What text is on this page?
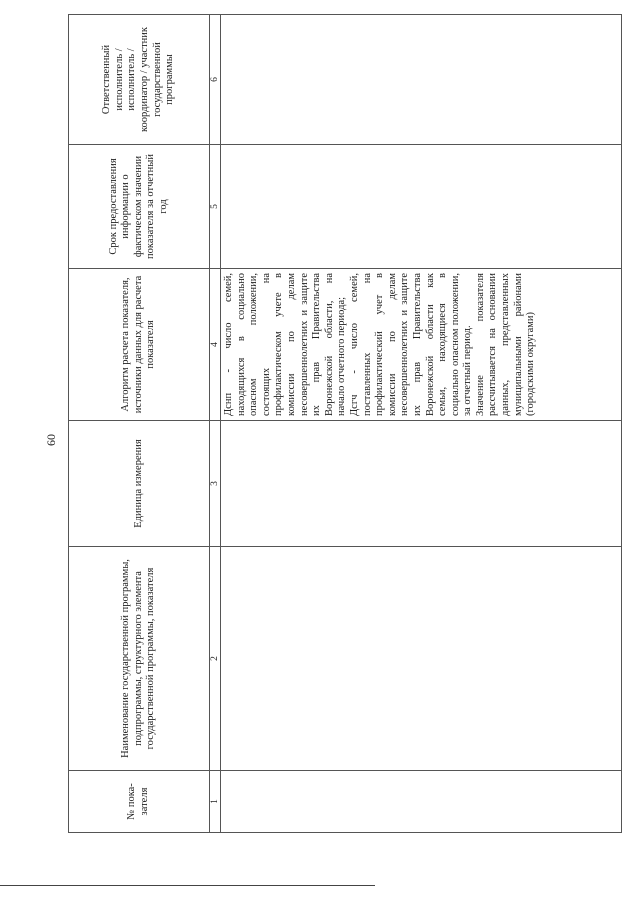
60
№ пока-зателя	Наименование государственной программы, подпрограммы, структурного элемента государственной программы, показателя	Единица измерения	Алгоритм расчета показателя, источники данных для расчета показателя	Срок предоставления информации о фактическом значении показателя за отчетный год	Ответственный исполнитель / исполнитель / координатор / участник государственной программы
1	2	3	4	5	6

			Дснп - число семей, находящихся в социально опасном положении, состоящих на профилактическом учете в комиссии по делам несовершеннолетних и защите их прав Правительства Воронежской области, на начало отчетного периода; Дсгч - число семей, поставленных на профилактический учет в комиссии по делам несовершеннолетних и защите их прав Правительства Воронежской области как семьи, находящиеся в социально опасном положении, за отчетный период. Значение показателя рассчитывается на основании данных, представленных муниципальными районами (городскими округами)		
